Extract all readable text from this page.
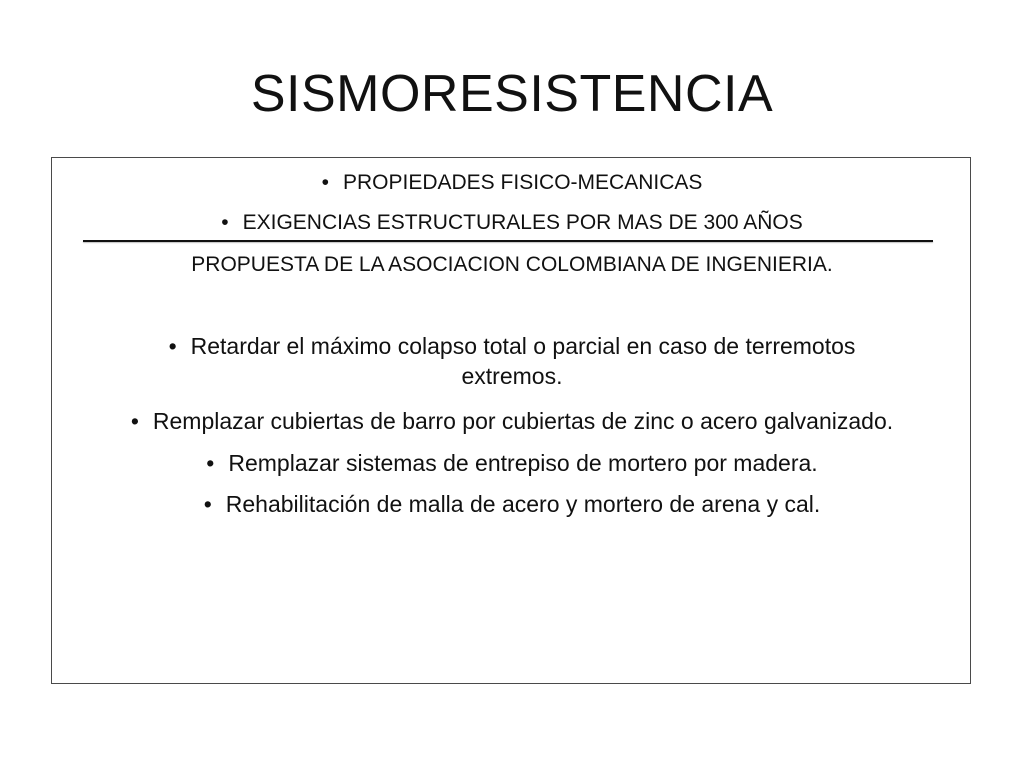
SISMORESISTENCIA
• PROPIEDADES FISICO-MECANICAS
• EXIGENCIAS ESTRUCTURALES POR MAS DE 300 AÑOS
PROPUESTA DE LA ASOCIACION COLOMBIANA DE INGENIERIA.
• Retardar el máximo colapso total o parcial en caso de terremotos
extremos.
• Remplazar cubiertas de barro por cubiertas de zinc o acero galvanizado.
• Remplazar sistemas de entrepiso de mortero por madera.
• Rehabilitación de malla de acero y mortero de arena y cal.
